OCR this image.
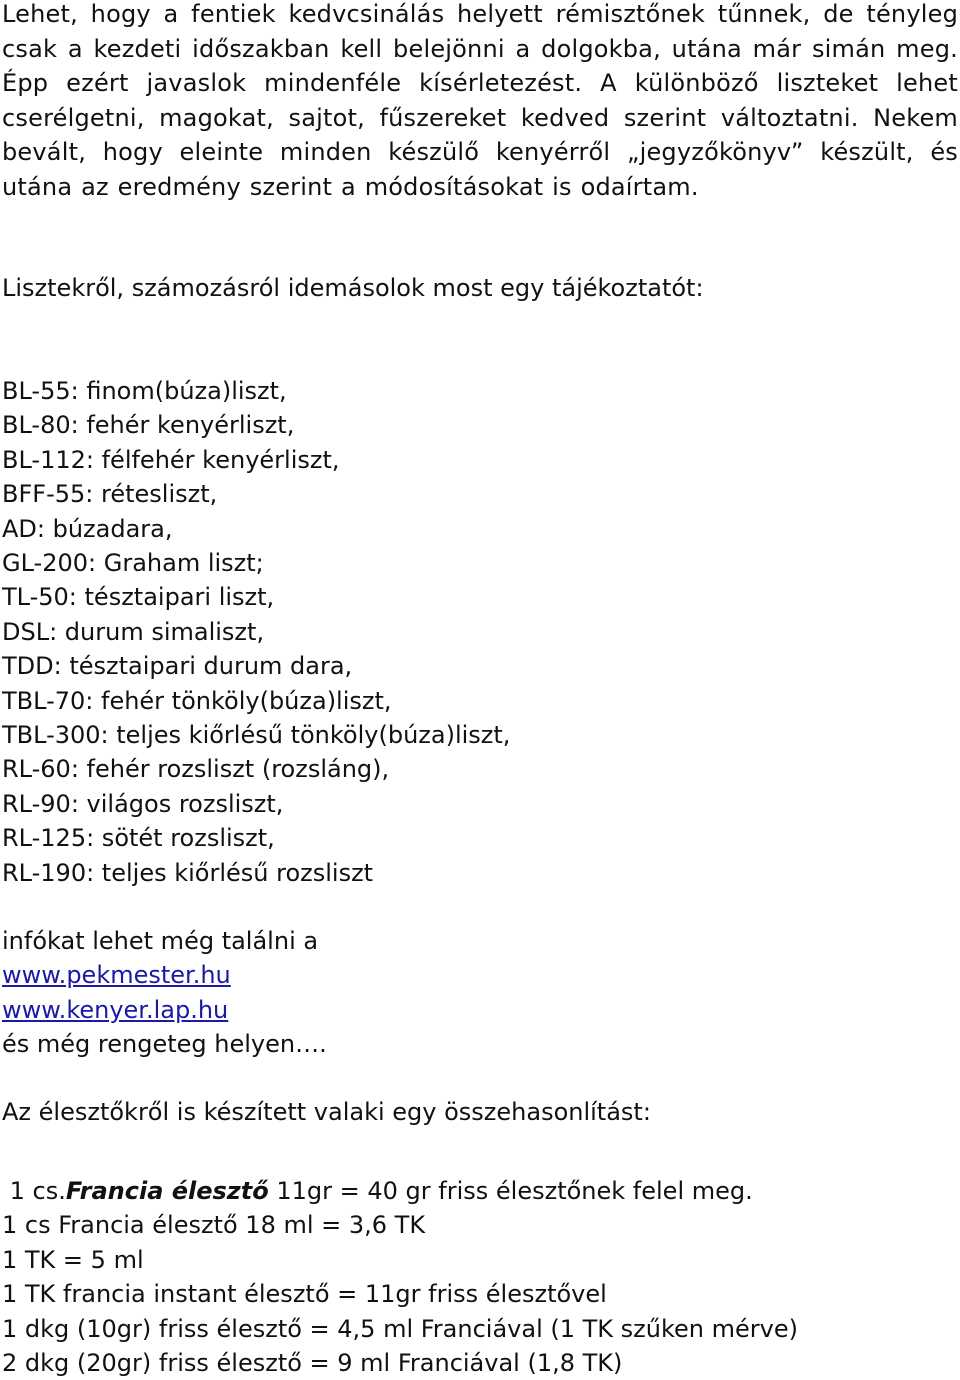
Lehet, hogy a fentiek kedvcsinálás helyett rémisztőnek tűnnek, de tényleg csak a kezdeti időszakban kell belejönni a dolgokba, utána már simán meg. Épp ezért javaslok mindenféle kísérletezést. A különböző liszteket lehet cserélgetni, magokat, sajtot, fűszereket kedved szerint változtatni. Nekem bevált, hogy eleinte minden készülő kenyérről „jegyzőkönyv” készült, és utána az eredmény szerint a módosításokat is odaírtam.

Lisztekről, számozásról idemásolok most egy tájékoztatót:
BL-55: finom(búza)liszt,
BL-80: fehér kenyérliszt,
BL-112: félfehér kenyérliszt,
BFF-55: rétesliszt,
AD: búzadara,
GL-200: Graham liszt;
TL-50: tésztaipari liszt,
DSL: durum simaliszt,
TDD: tésztaipari durum dara,
TBL-70: fehér tönköly(búza)liszt,
TBL-300: teljes kiőrlésű tönköly(búza)liszt,
RL-60: fehér rozsliszt (rozsláng),
RL-90: világos rozsliszt,
RL-125: sötét rozsliszt,
RL-190: teljes kiőrlésű rozsliszt
infókat lehet még találni a
www.pekmester.hu
www.kenyer.lap.hu
és még rengeteg helyen….
Az élesztőkről is készített valaki egy összehasonlítást:
1 cs.Francia élesztő 11gr = 40 gr friss élesztőnek felel meg.
1 cs Francia élesztő 18 ml = 3,6 TK
1 TK = 5 ml
1 TK francia instant élesztő = 11gr friss élesztővel
1 dkg (10gr) friss élesztő = 4,5 ml Franciával (1 TK szűken mérve)
2 dkg (20gr) friss élesztő = 9 ml Franciával (1,8 TK)
